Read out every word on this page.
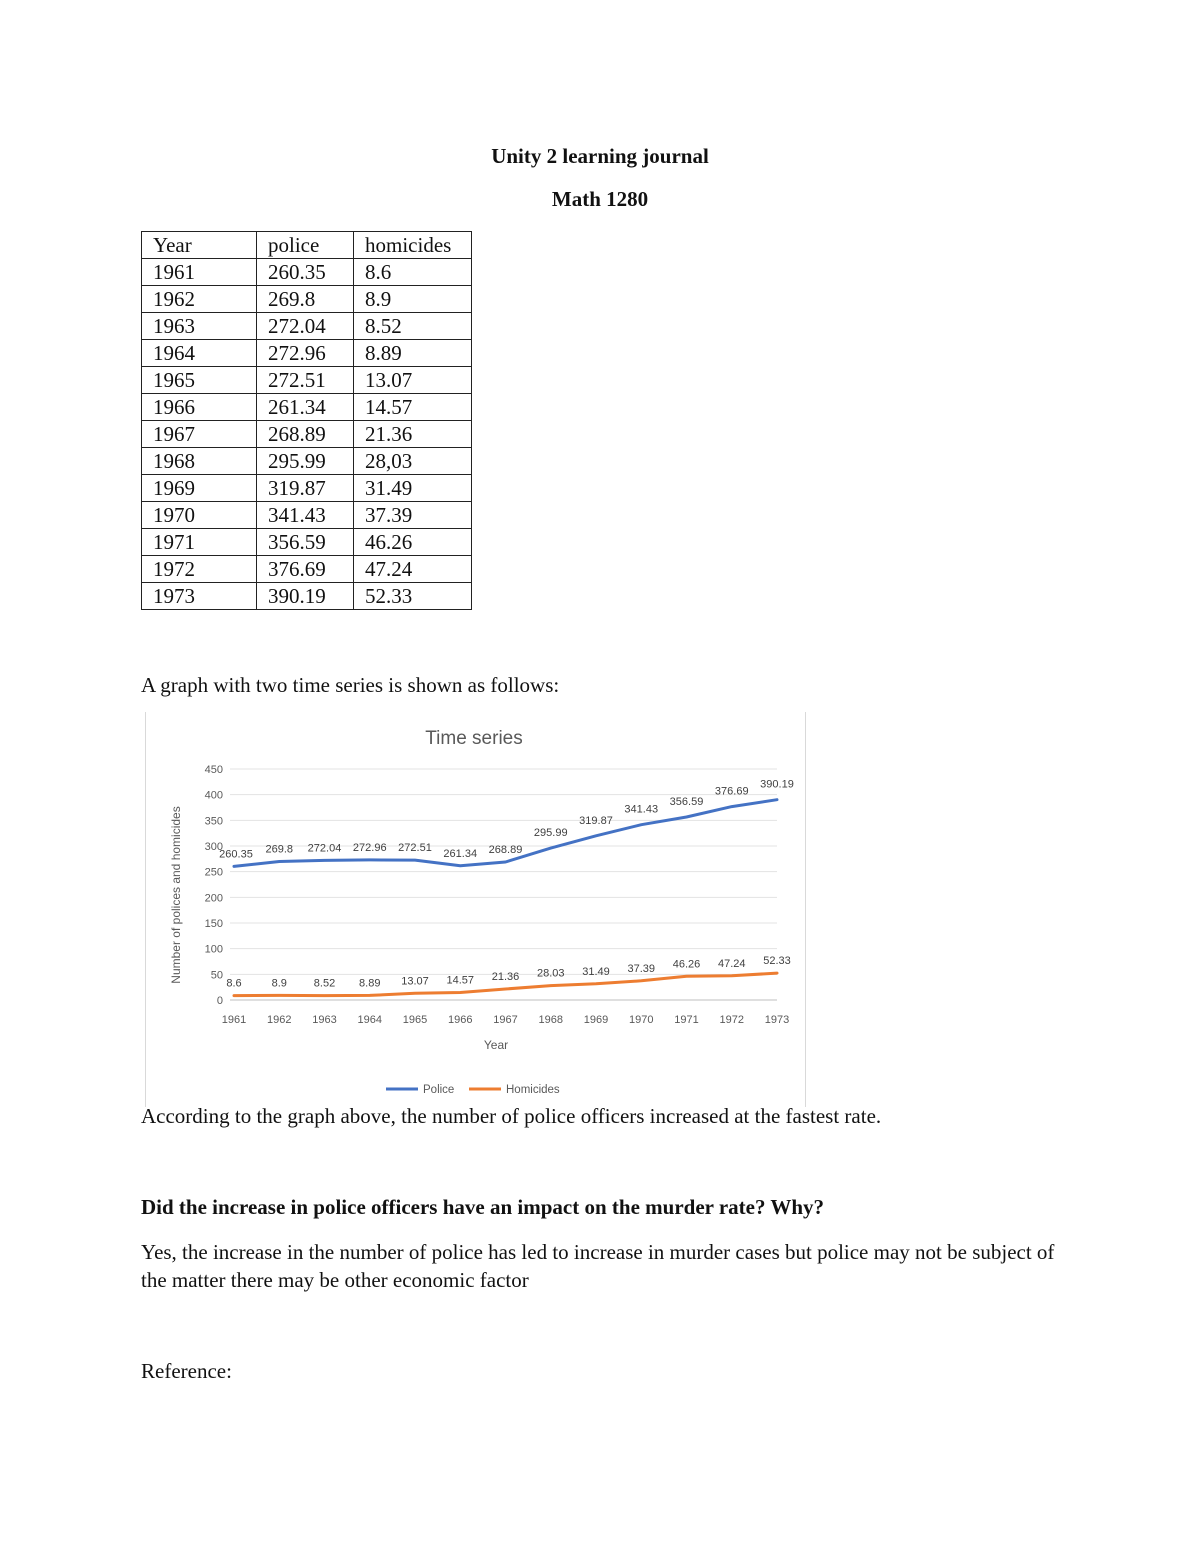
Unity 2 learning journal
Math 1280
Year	police	homicides
1961	260.35	8.6
1962	269.8	8.9
1963	272.04	8.52
1964	272.96	8.89
1965	272.51	13.07
1966	261.34	14.57
1967	268.89	21.36
1968	295.99	28,03
1969	319.87	31.49
1970	341.43	37.39
1971	356.59	46.26
1972	376.69	47.24
1973	390.19	52.33
A graph with two time series is shown as follows:
Time series
0
50
100
150
200
250
300
350
400
450
1961 1962 1963 1964 1965 1966 1967 1968 1969 1970 1971 1972 1973
Year
Number of polices and homicides	260.35 269.8 272.04 272.96 272.51 261.34 268.89
295.99
319.87
341.43
356.59
376.69
390.19
8.6	8.9 8.52 8.89 13.07 14.57 21.36 28.03 31.49 37.39 46.26 47.24 52.33
Police	Homicides
According to the graph above, the number of police officers increased at the fastest rate.
Did the increase in police officers have an impact on the murder rate? Why?
Yes, the increase in the number of police has led to increase in murder cases but police may not be subject of the matter there may be other economic factor
Reference:
